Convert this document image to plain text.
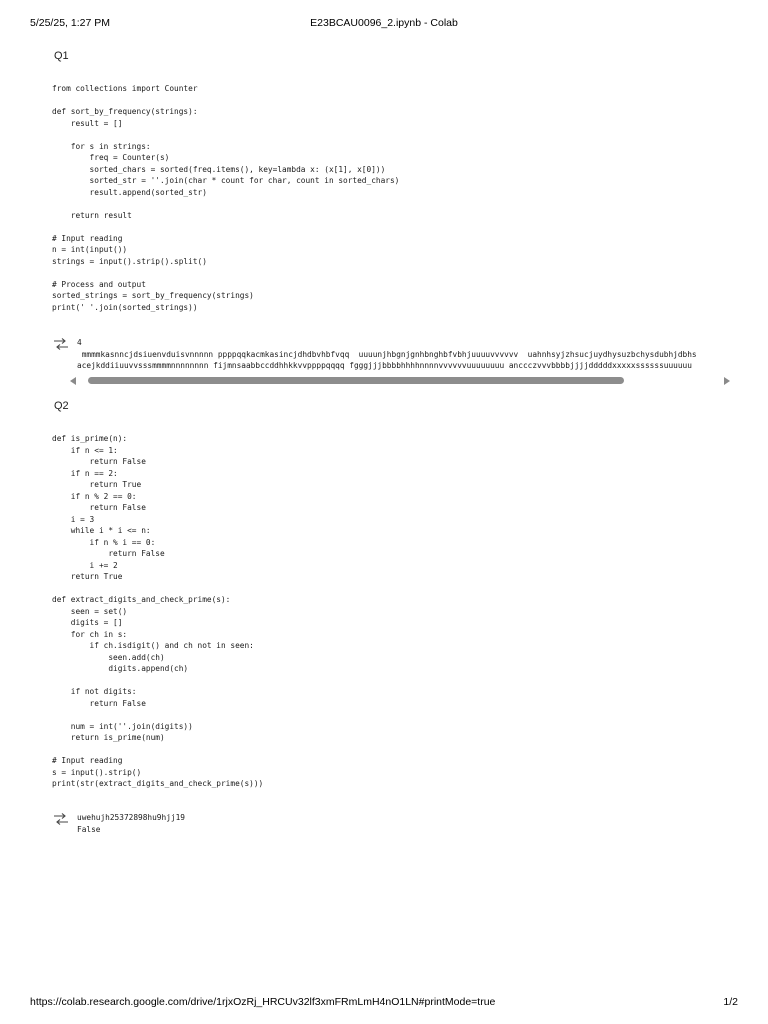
5/25/25, 1:27 PM	E23BCAU0096_2.ipynb - Colab
Q1
from collections import Counter

def sort_by_frequency(strings):
result = []

for s in strings:
freq = Counter(s)
sorted_chars = sorted(freq.items(), key=lambda x: (x[1], x[0]))
sorted_str = ''.join(char * count for char, count in sorted_chars)
result.append(sorted_str)

return result

# Input reading
n = int(input())
strings = input().strip().split()

# Process and output
sorted_strings = sort_by_frequency(strings)
print(' '.join(sorted_strings))
4
mmmmkasnncjdsiuenvduisvnnnnn ppppqqkacmkasincjdhdbvhbfvqq  uuuunjhbgnjgnhbnghbfvbhjuuuuvvvvvv  uahnhsyjzhsucjuydhysuzbchysdubhjdbhs
acejkddiiuuvvsssmmmmnnnnnnnn fijmnsaabbccddhhkkvvppppqqqq fgggjjjbbbbhhhhnnnnvvvvvvuuuuuuuu anccczvvvbbbbjjjjdddddxxxxxssssssuuuuuu
Q2
def is_prime(n):
if n <= 1:
return False
if n == 2:
return True
if n % 2 == 0:
return False
i = 3
while i * i <= n:
if n % i == 0:
return False
i += 2
return True

def extract_digits_and_check_prime(s):
seen = set()
digits = []
for ch in s:
if ch.isdigit() and ch not in seen:
seen.add(ch)
digits.append(ch)

if not digits:
return False

num = int(''.join(digits))
return is_prime(num)

# Input reading
s = input().strip()
print(str(extract_digits_and_check_prime(s)))
uwehujh25372898hu9hjj19
False
https://colab.research.google.com/drive/1rjxOzRj_HRCUv32lf3xmFRmLmH4nO1LN#printMode=true	1/2
